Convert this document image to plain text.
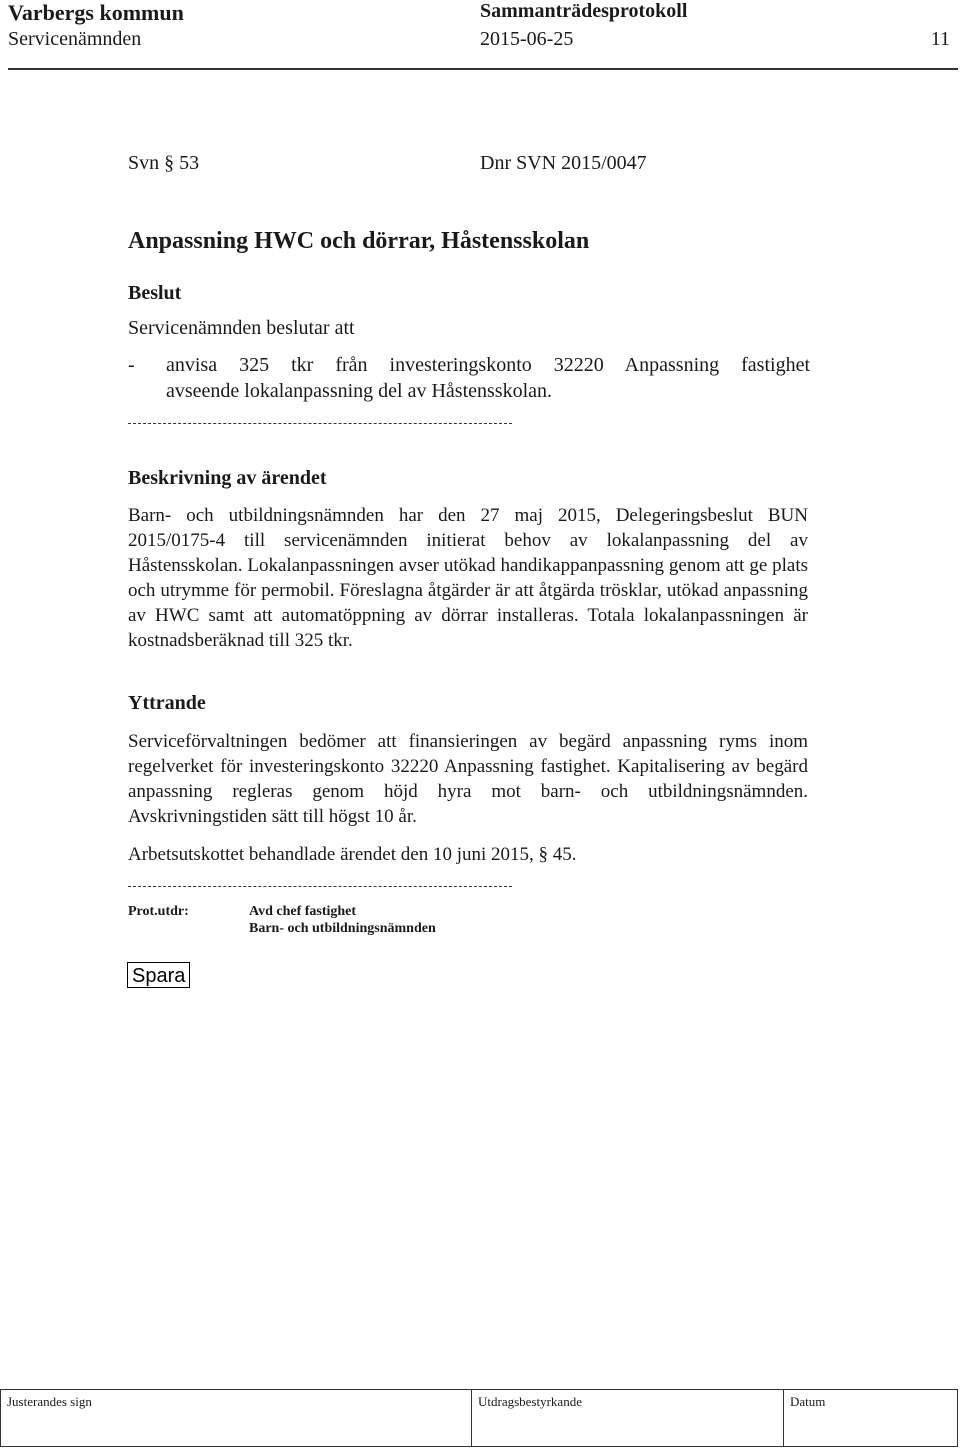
Varbergs kommun
Servicenämnden
Sammanträdesprotokoll
2015-06-25	11
Svn § 53	Dnr SVN 2015/0047
Anpassning HWC och dörrar, Håstensskolan
Beslut
Servicenämnden beslutar att
- anvisa 325 tkr från investeringskonto 32220 Anpassning fastighet
avseende lokalanpassning del av Håstensskolan.
Beskrivning av ärendet
Barn- och utbildningsnämnden har den 27 maj 2015, Delegeringsbeslut BUN 2015/0175-4 till servicenämnden initierat behov av lokalanpassning del av Håstensskolan. Lokalanpassningen avser utökad handikappanpassning genom att ge plats och utrymme för permobil. Föreslagna åtgärder är att åtgärda trösklar, utökad anpassning av HWC samt att automatöppning av dörrar installeras. Totala lokalanpassningen är kostnadsberäknad till 325 tkr.
Yttrande
Serviceförvaltningen bedömer att finansieringen av begärd anpassning ryms inom regelverket för investeringskonto 32220 Anpassning fastighet. Kapitalisering av begärd anpassning regleras genom höjd hyra mot barn- och utbildningsnämnden. Avskrivningstiden sätt till högst 10 år.
Arbetsutskottet behandlade ärendet den 10 juni 2015, § 45.
Prot.utdr:	Avd chef fastighet
Barn- och utbildningsnämnden
Spara
Justerandes sign	Utdragsbestyrkande	Datum
